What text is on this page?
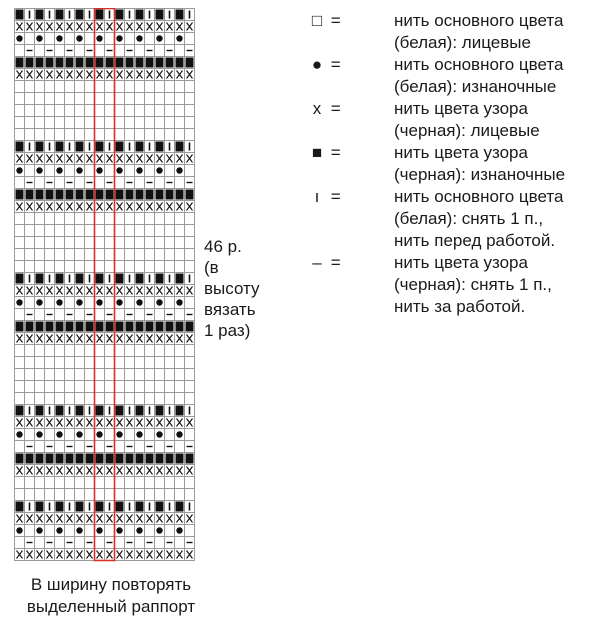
46 р.
(в
высоту
вязать
1 раз)
В ширину повторять
выделенный раппорт
□ =	нить основного цвета
(белая): лицевые
● =	нить основного цвета
(белая): изнаночные
x =	нить цвета узора
(черная): лицевые
■ =	нить цвета узора
(черная): изнаночные
ı =	нить основного цвета
(белая): снять 1 п.,
нить перед работой.
– =	нить цвета узора
(черная): снять 1 п.,
нить за работой.
